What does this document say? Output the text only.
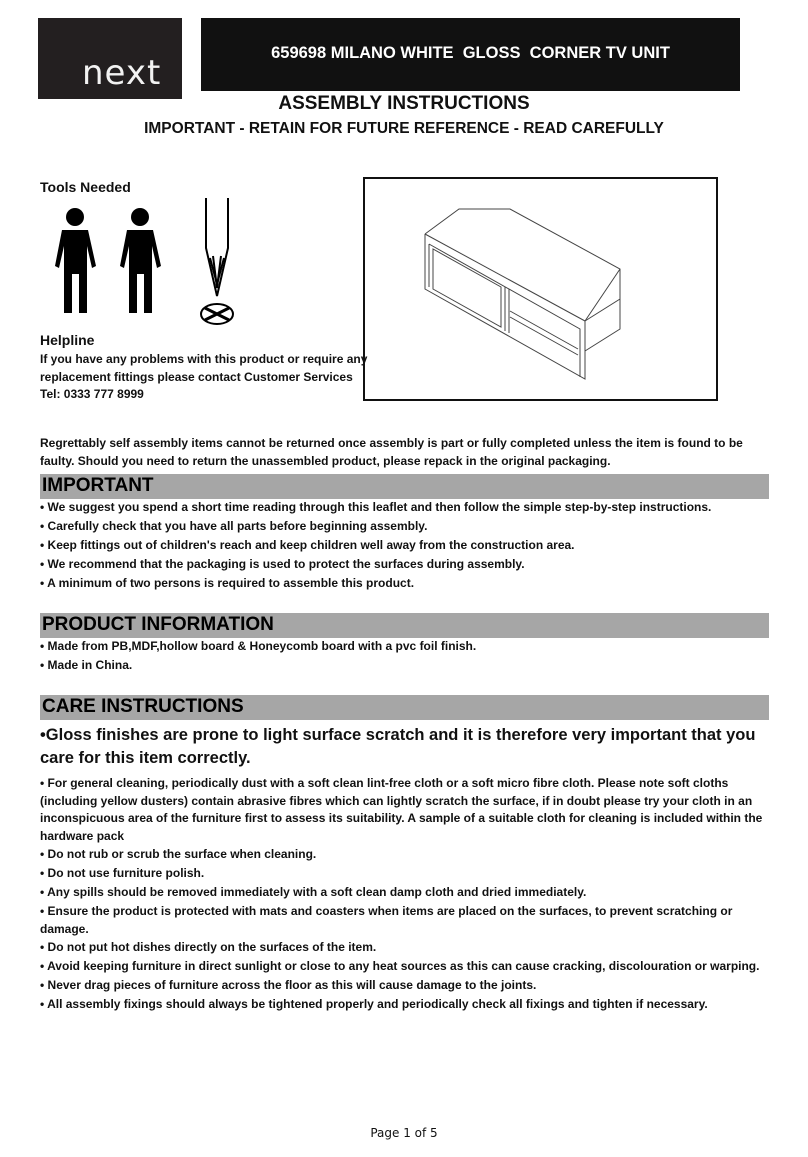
next	659698 MILANO WHITE  GLOSS  CORNER TV UNIT
ASSEMBLY INSTRUCTIONS
IMPORTANT - RETAIN FOR FUTURE REFERENCE - READ CAREFULLY
Tools Needed
Helpline
If you have any problems with this product or require any replacement fittings please contact Customer Services Tel: 0333 777 8999
Regrettably self assembly items cannot be returned once assembly is part or fully completed unless the item is found to be faulty. Should you need to return the unassembled product, please repack in the original packaging.
IMPORTANT
• We suggest you spend a short time reading through this leaflet and then follow the simple step-by-step instructions.
• Carefully check that you have all parts before beginning assembly.
• Keep fittings out of children's reach and keep children well away from the construction area.
• We recommend that the packaging is used to protect the surfaces during assembly.
• A minimum of two persons is required to assemble this product.
PRODUCT INFORMATION
• Made from PB,MDF,hollow board & Honeycomb board with a pvc foil finish.
• Made in China.
CARE INSTRUCTIONS
•Gloss finishes are prone to light surface scratch and it is therefore very important that you care for this item correctly.
• For general cleaning, periodically dust with a soft clean lint-free cloth or a soft micro fibre cloth. Please note soft cloths (including yellow dusters) contain abrasive fibres which can lightly scratch the surface, if in doubt please try your cloth in an inconspicuous area of the furniture first to assess its suitability. A sample of a suitable cloth for cleaning is included within the hardware pack
• Do not rub or scrub the surface when cleaning.
• Do not use furniture polish.
• Any spills should be removed immediately with a soft clean damp cloth and dried immediately.
• Ensure the product is protected with mats and coasters when items are placed on the surfaces, to prevent scratching or damage.
• Do not put hot dishes directly on the surfaces of the item.
• Avoid keeping furniture in direct sunlight or close to any heat sources as this can cause cracking, discolouration or warping.
• Never drag pieces of furniture across the floor as this will cause damage to the joints.
• All assembly fixings should always be tightened properly and periodically check all fixings and tighten if necessary.
Page 1 of 5
